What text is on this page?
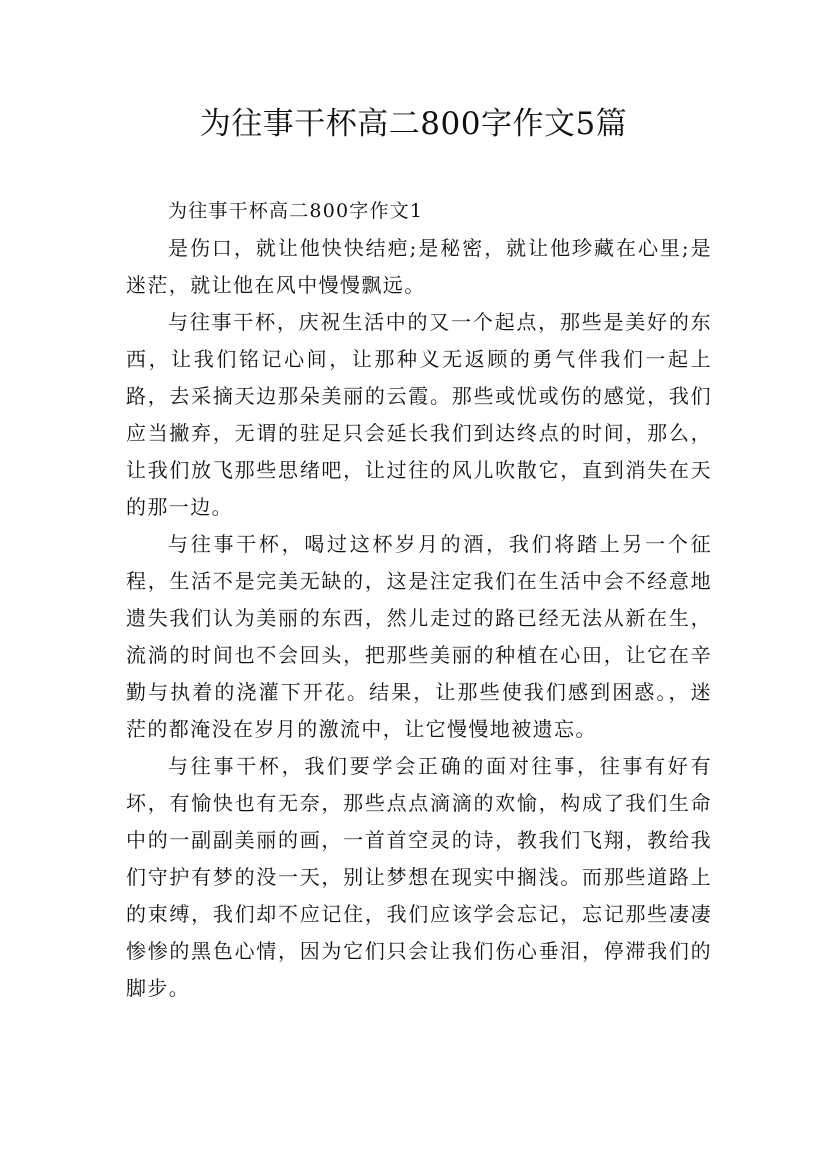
为往事干杯高二800字作文5篇

为往事干杯高二800字作文1

是伤口，就让他快快结疤;是秘密，就让他珍藏在心里;是迷茫，就让他在风中慢慢飘远。

与往事干杯，庆祝生活中的又一个起点，那些是美好的东西，让我们铭记心间，让那种义无返顾的勇气伴我们一起上路，去采摘天边那朵美丽的云霞。那些或忧或伤的感觉，我们应当撇弃，无谓的驻足只会延长我们到达终点的时间，那么，让我们放飞那些思绪吧，让过往的风儿吹散它，直到消失在天的那一边。

与往事干杯，喝过这杯岁月的酒，我们将踏上另一个征程，生活不是完美无缺的，这是注定我们在生活中会不经意地遗失我们认为美丽的东西，然儿走过的路已经无法从新在生，流淌的时间也不会回头，把那些美丽的种植在心田，让它在辛勤与执着的浇灌下开花。结果，让那些使我们感到困惑。，迷茫的都淹没在岁月的激流中，让它慢慢地被遗忘。

与往事干杯，我们要学会正确的面对往事，往事有好有坏，有愉快也有无奈，那些点点滴滴的欢愉，构成了我们生命中的一副副美丽的画，一首首空灵的诗，教我们飞翔，教给我们守护有梦的没一天，别让梦想在现实中搁浅。而那些道路上的束缚，我们却不应记住，我们应该学会忘记，忘记那些凄凄惨惨的黑色心情，因为它们只会让我们伤心垂泪，停滞我们的脚步。
